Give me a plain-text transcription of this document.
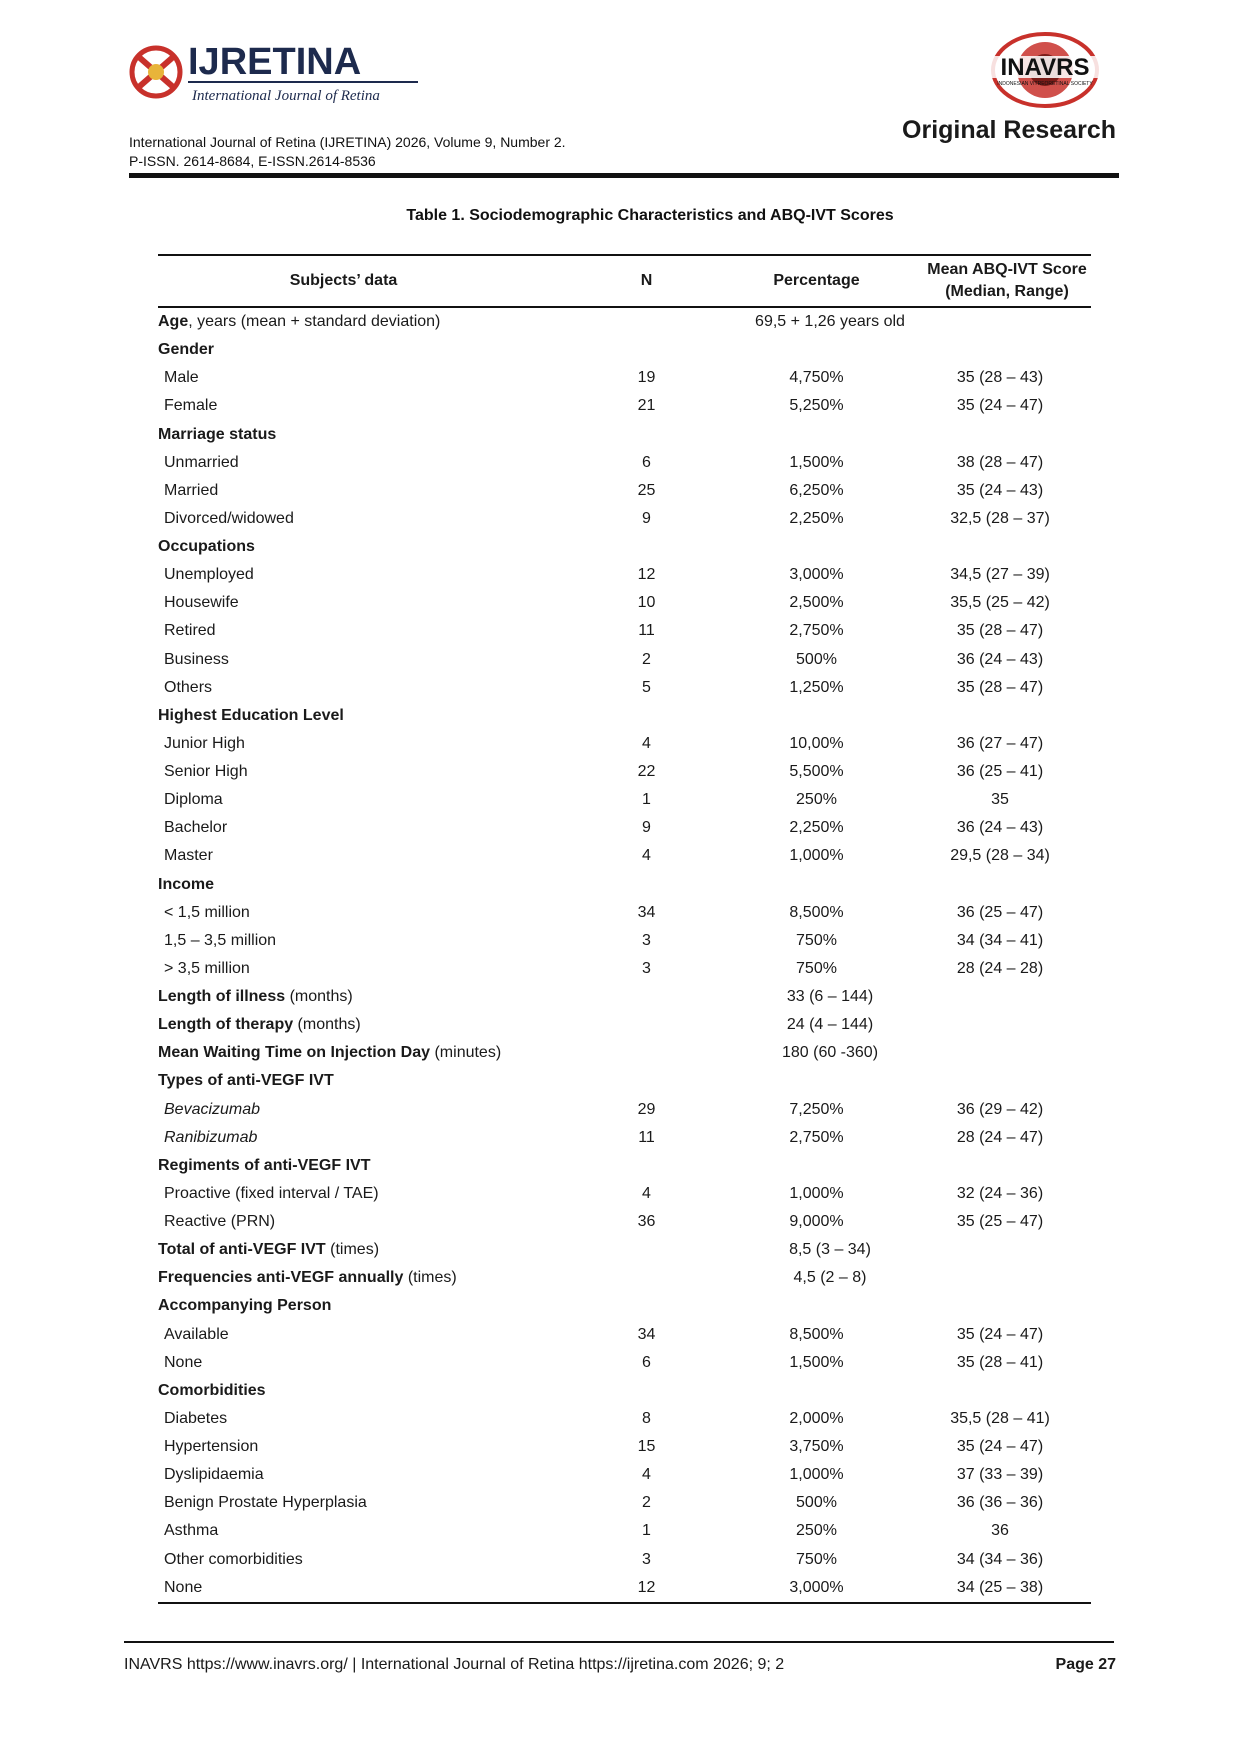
IJRETINA
International Journal of Retina
INAVRS
INDONESIAN VITREORETINAL SOCIETY
International Journal of Retina (IJRETINA) 2026, Volume 9, Number 2.
P-ISSN. 2614-8684, E-ISSN.2614-8536
Original Research
Table 1. Sociodemographic Characteristics and ABQ-IVT Scores
Subjects’ data	N	Percentage	Mean ABQ-IVT Score
(Median, Range)

Age, years (mean + standard deviation)	69,5 + 1,26 years old		
Gender			
Male	19	4,750%	35 (28 – 43)
Female	21	5,250%	35 (24 – 47)
Marriage status			
Unmarried	6	1,500%	38 (28 – 47)
Married	25	6,250%	35 (24 – 43)
Divorced/widowed	9	2,250%	32,5 (28 – 37)
Occupations			
Unemployed	12	3,000%	34,5 (27 – 39)
Housewife	10	2,500%	35,5 (25 – 42)
Retired	11	2,750%	35 (28 – 47)
Business	2	500%	36 (24 – 43)
Others	5	1,250%	35 (28 – 47)
Highest Education Level			
Junior High	4	10,00%	36 (27 – 47)
Senior High	22	5,500%	36 (25 – 41)
Diploma	1	250%	35
Bachelor	9	2,250%	36 (24 – 43)
Master	4	1,000%	29,5 (28 – 34)
Income			
< 1,5 million	34	8,500%	36 (25 – 47)
1,5 – 3,5 million	3	750%	34 (34 – 41)
> 3,5 million	3	750%	28 (24 – 28)
Length of illness (months)	33 (6 – 144)		
Length of therapy (months)	24 (4 – 144)		
Mean Waiting Time on Injection Day (minutes)	180 (60 -360)		
Types of anti-VEGF IVT			
Bevacizumab	29	7,250%	36 (29 – 42)
Ranibizumab	11	2,750%	28 (24 – 47)
Regiments of anti-VEGF IVT			
Proactive (fixed interval / TAE)	4	1,000%	32 (24 – 36)
Reactive (PRN)	36	9,000%	35 (25 – 47)
Total of anti-VEGF IVT (times)	8,5 (3 – 34)		
Frequencies anti-VEGF annually (times)	4,5 (2 – 8)		
Accompanying Person			
Available	34	8,500%	35 (24 – 47)
None	6	1,500%	35 (28 – 41)
Comorbidities			
Diabetes	8	2,000%	35,5 (28 – 41)
Hypertension	15	3,750%	35 (24 – 47)
Dyslipidaemia	4	1,000%	37 (33 – 39)
Benign Prostate Hyperplasia	2	500%	36 (36 – 36)
Asthma	1	250%	36
Other comorbidities	3	750%	34 (34 – 36)
None	12	3,000%	34 (25 – 38)
INAVRS https://www.inavrs.org/ | International Journal of Retina https://ijretina.com 2026; 9; 2	Page 27
